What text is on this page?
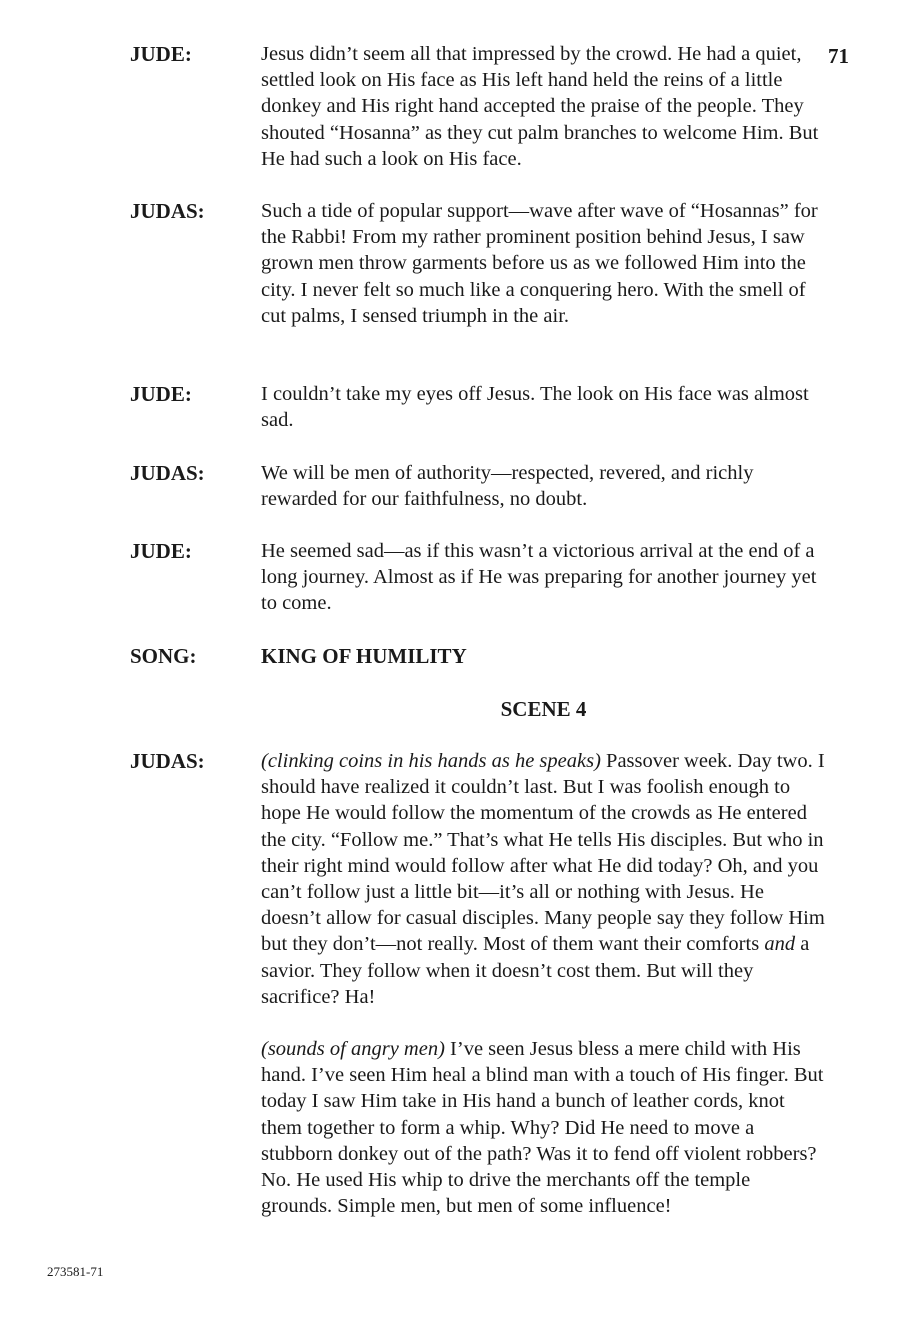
71
JUDE:	Jesus didn’t seem all that impressed by the crowd. He had a quiet, settled look on His face as His left hand held the reins of a little donkey and His right hand accepted the praise of the people. They shouted “Hosanna” as they cut palm branches to welcome Him. But He had such a look on His face.
JUDAS:	Such a tide of popular support—wave after wave of “Hosannas” for the Rabbi! From my rather prominent position behind Jesus, I saw grown men throw garments before us as we followed Him into the city. I never felt so much like a conquering hero. With the smell of cut palms, I sensed triumph in the air.
JUDE:	I couldn’t take my eyes off Jesus. The look on His face was almost sad.
JUDAS:	We will be men of authority—respected, revered, and richly rewarded for our faithfulness, no doubt.
JUDE:	He seemed sad—as if this wasn’t a victorious arrival at the end of a long journey. Almost as if He was preparing for another journey yet to come.
SONG:	KING OF HUMILITY
SCENE 4
JUDAS:	(clinking coins in his hands as he speaks) Passover week. Day two. I should have realized it couldn’t last. But I was foolish enough to hope He would follow the momentum of the crowds as He entered the city. “Follow me.” That’s what He tells His disciples. But who in their right mind would follow after what He did today? Oh, and you can’t follow just a little bit—it’s all or nothing with Jesus. He doesn’t allow for casual disciples. Many people say they follow Him but they don’t—not really. Most of them want their comforts and a savior. They follow when it doesn’t cost them. But will they sacrifice? Ha!

(sounds of angry men) I’ve seen Jesus bless a mere child with His hand. I’ve seen Him heal a blind man with a touch of His finger. But today I saw Him take in His hand a bunch of leather cords, knot them together to form a whip. Why? Did He need to move a stubborn donkey out of the path? Was it to fend off violent robbers? No. He used His whip to drive the merchants off the temple grounds. Simple men, but men of some influence!

273581-71
